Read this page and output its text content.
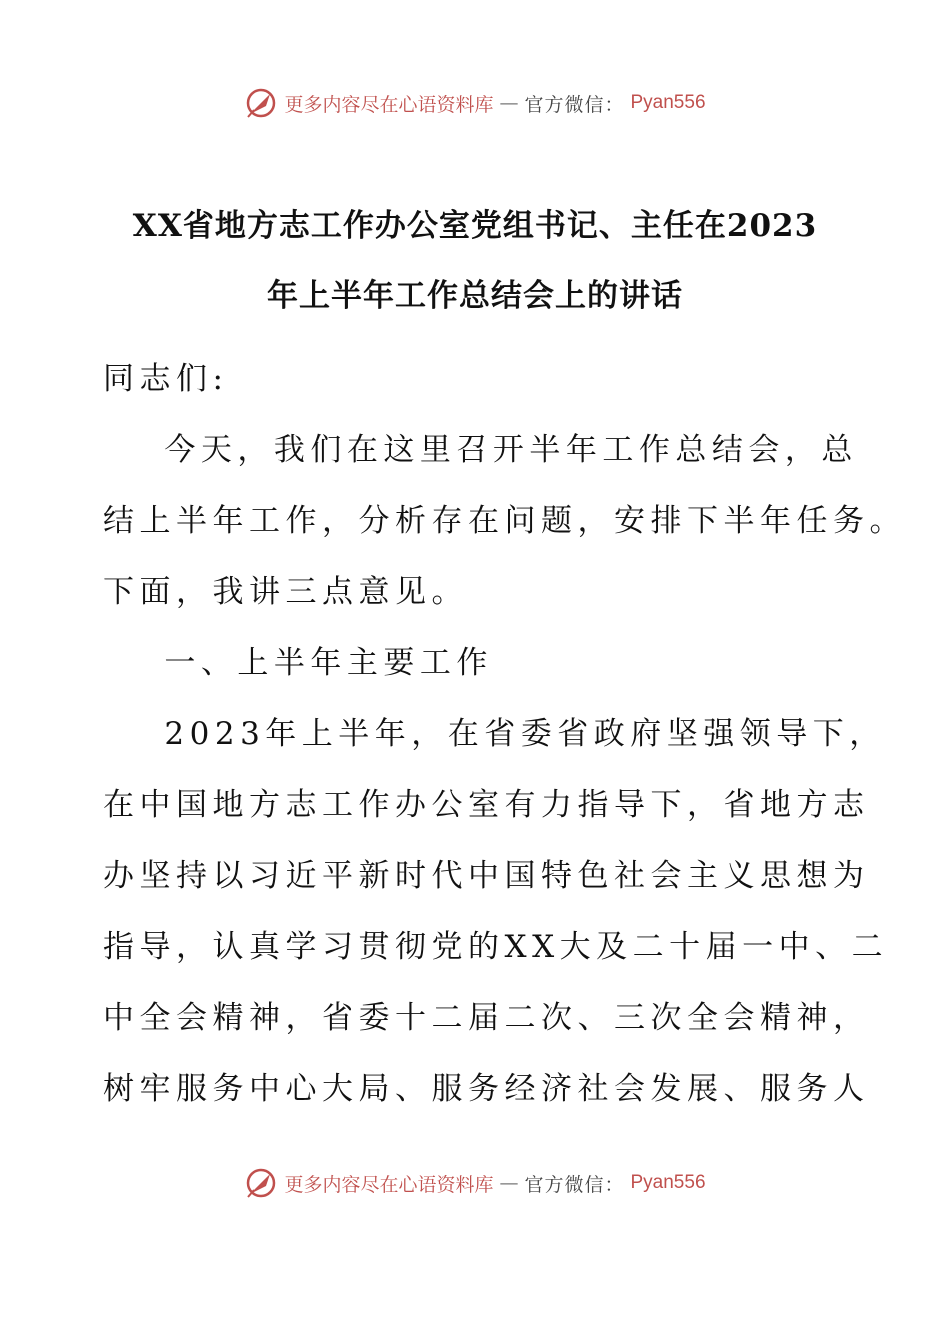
更多内容尽在心语资料库 — 官方微信： Pyan556
XX省地方志工作办公室党组书记、主任在2023
年上半年工作总结会上的讲话
同志们:
今天，我们在这里召开半年工作总结会，总
结上半年工作，分析存在问题，安排下半年任务。
下面，我讲三点意见。
一、上半年主要工作
2023年上半年，在省委省政府坚强领导下，
在中国地方志工作办公室有力指导下，省地方志
办坚持以习近平新时代中国特色社会主义思想为
指导，认真学习贯彻党的XX大及二十届一中、二
中全会精神，省委十二届二次、三次全会精神，
树牢服务中心大局、服务经济社会发展、服务人
更多内容尽在心语资料库 — 官方微信： Pyan556
